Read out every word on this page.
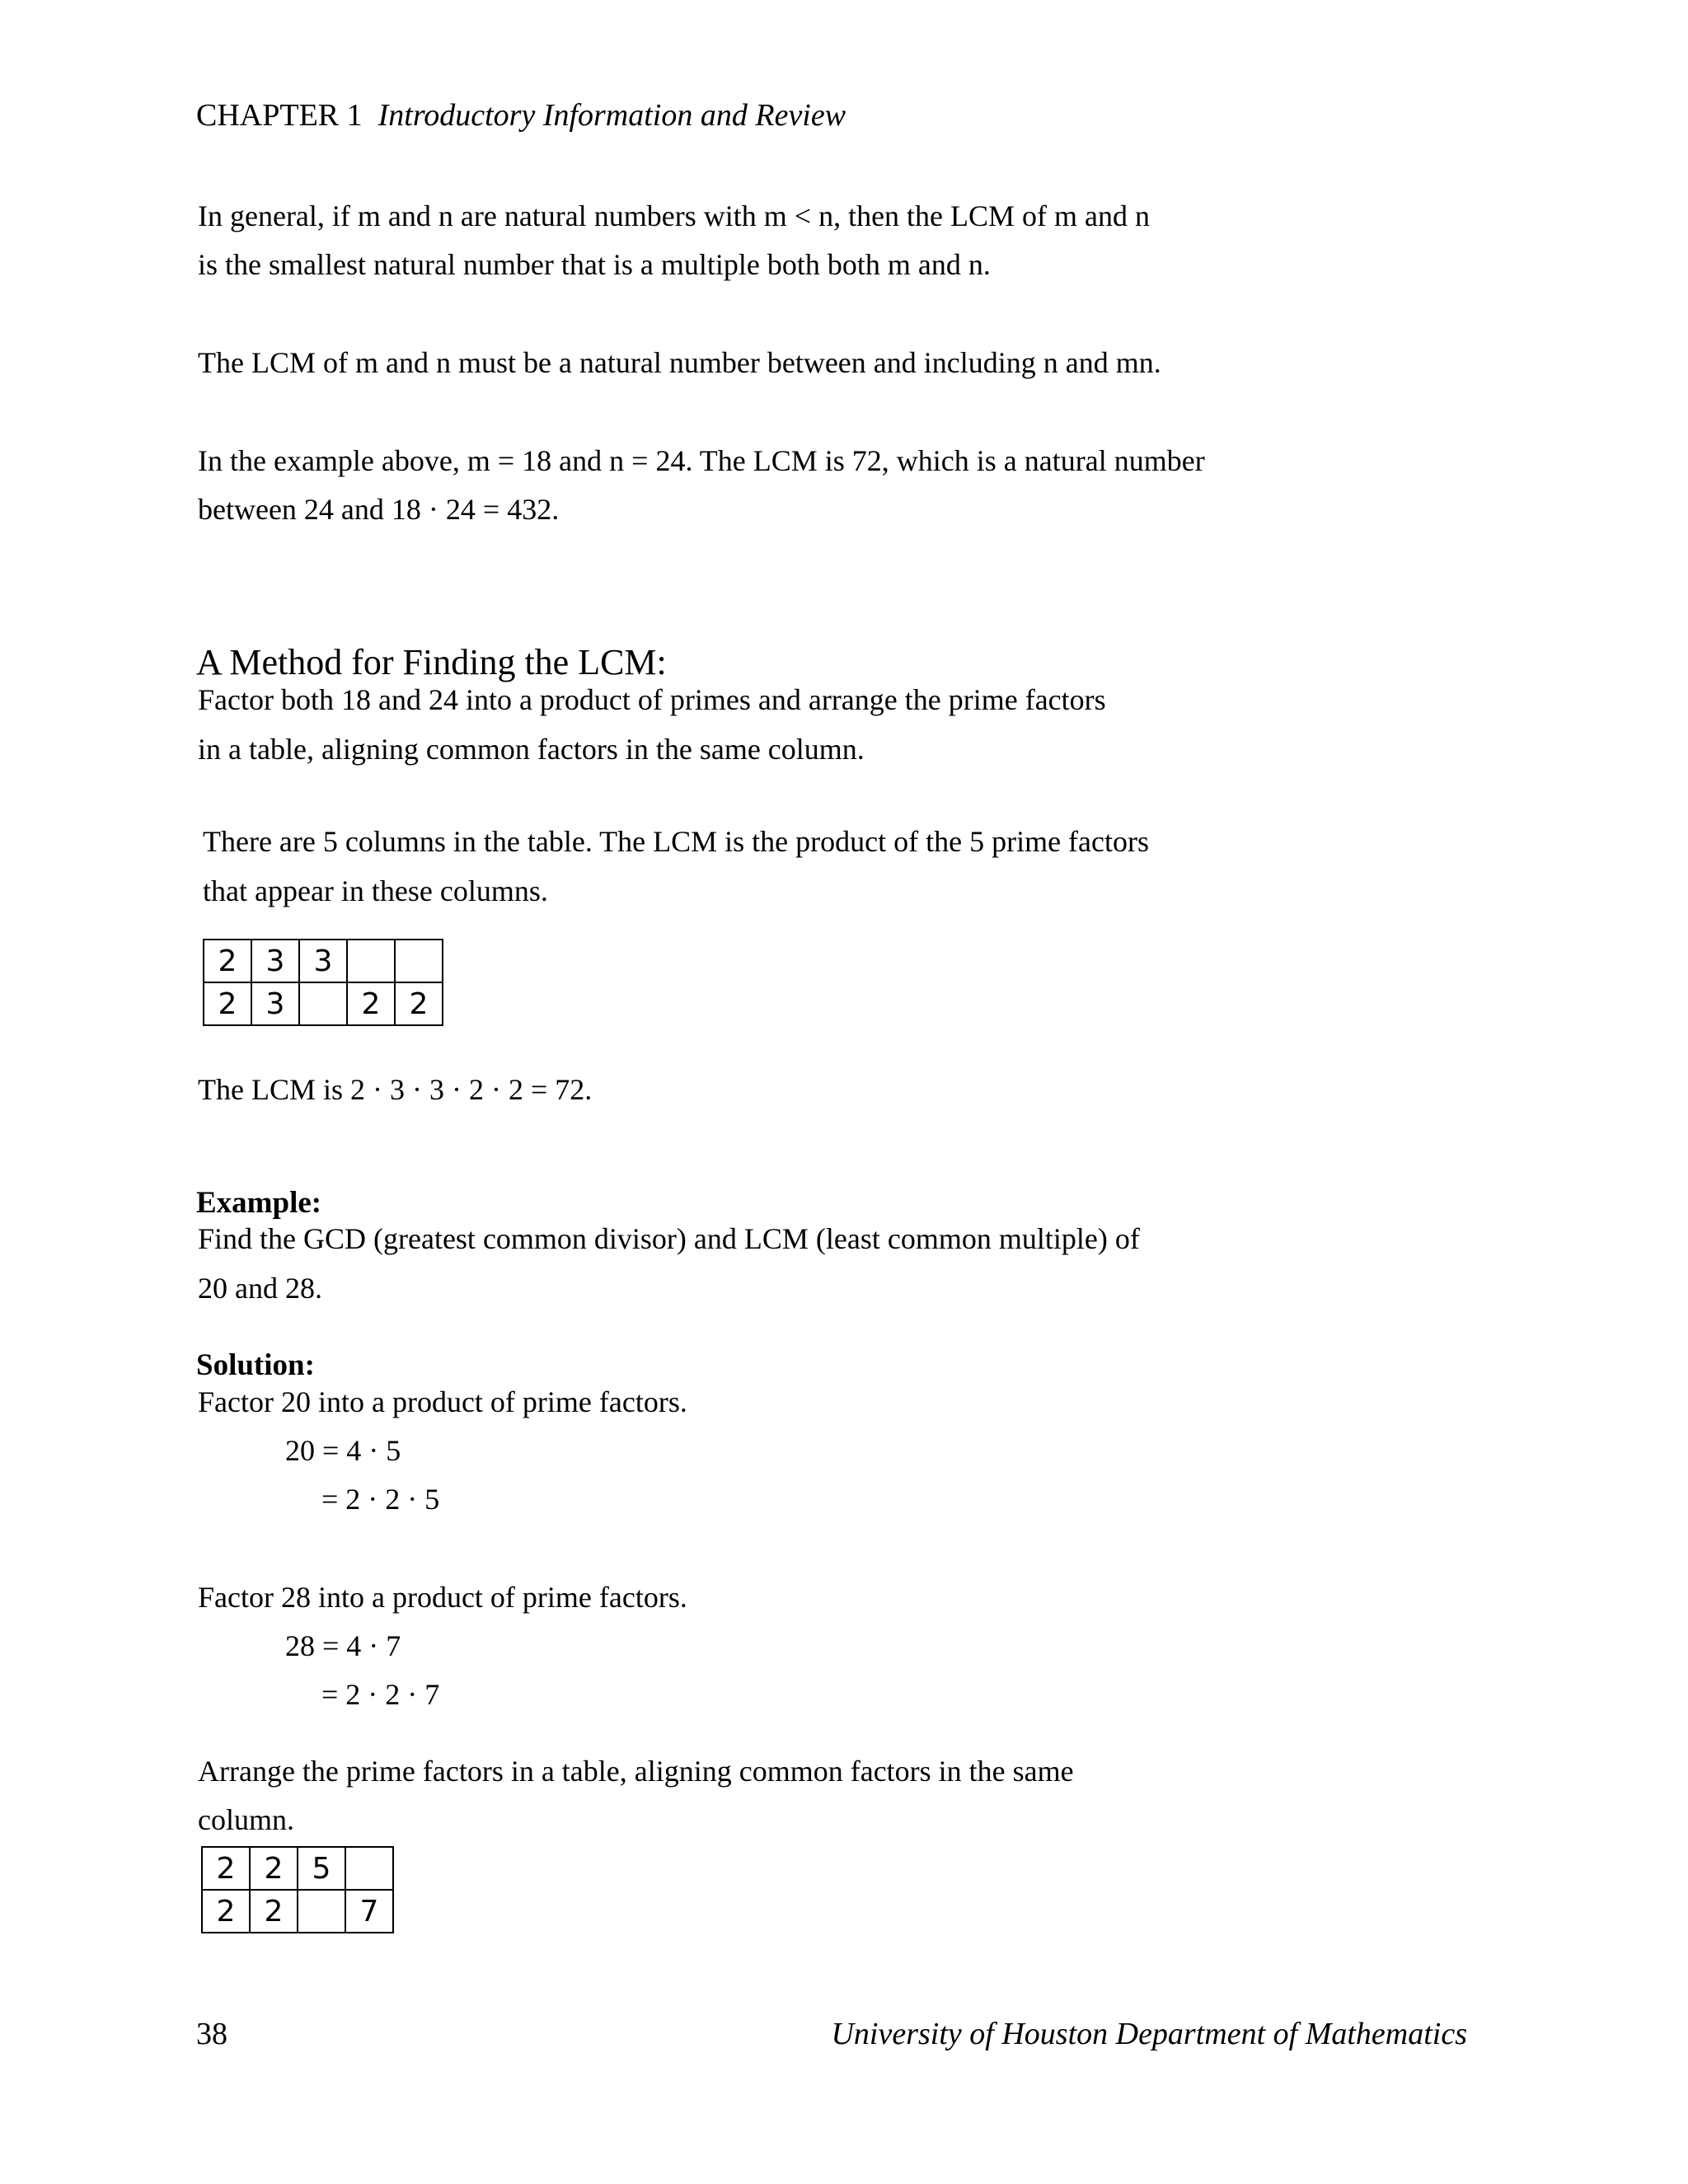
CHAPTER 1 Introductory Information and Review
In general, if m and n are natural numbers with m < n, then the LCM of m and n
is the smallest natural number that is a multiple both both m and n.
The LCM of m and n must be a natural number between and including n and mn.
In the example above, m = 18 and n = 24. The LCM is 72, which is a natural number
between 24 and 18 · 24 = 432.
A Method for Finding the LCM:
Factor both 18 and 24 into a product of primes and arrange the prime factors
in a table, aligning common factors in the same column.
There are 5 columns in the table. The LCM is the product of the 5 prime factors
that appear in these columns.
2	3	3		
2	3		2	2
The LCM is 2 · 3 · 3 · 2 · 2 = 72.
Example:
Find the GCD (greatest common divisor) and LCM (least common multiple) of
20 and 28.
Solution:
Factor 20 into a product of prime factors.
20 = 4 · 5
= 2 · 2 · 5
Factor 28 into a product of prime factors.
28 = 4 · 7
= 2 · 2 · 7
Arrange the prime factors in a table, aligning common factors in the same
column.
2	2	5	
2	2		7
38	University of Houston Department of Mathematics
